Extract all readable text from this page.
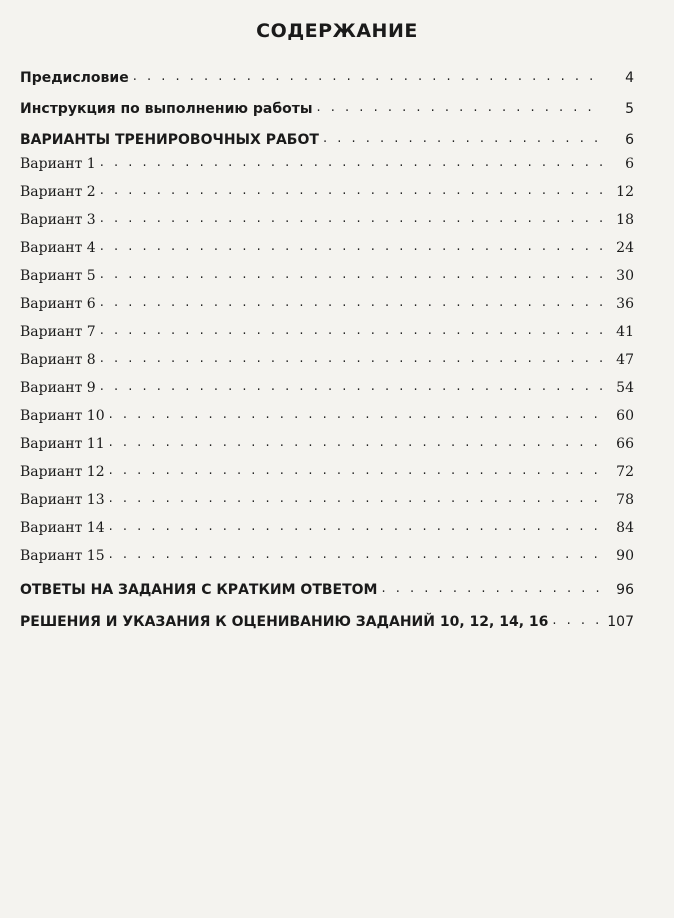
СОДЕРЖАНИЕ
Предисловие . . .	4
Инструкция по выполнению работы . . .	5
ВАРИАНТЫ ТРЕНИРОВОЧНЫХ РАБОТ . . .	6
Вариант 1 . . .	6
Вариант 2 . . .	12
Вариант 3 . . .	18
Вариант 4 . . .	24
Вариант 5 . . .	30
Вариант 6 . . .	36
Вариант 7 . . .	41
Вариант 8 . . .	47
Вариант 9 . . .	54
Вариант 10 . . .	60
Вариант 11 . . .	66
Вариант 12 . . .	72
Вариант 13 . . .	78
Вариант 14 . . .	84
Вариант 15 . . .	90
ОТВЕТЫ НА ЗАДАНИЯ С КРАТКИМ ОТВЕТОМ . . .	96
РЕШЕНИЯ И УКАЗАНИЯ К ОЦЕНИВАНИЮ ЗАДАНИЙ 10, 12, 14, 16 . . .	107
